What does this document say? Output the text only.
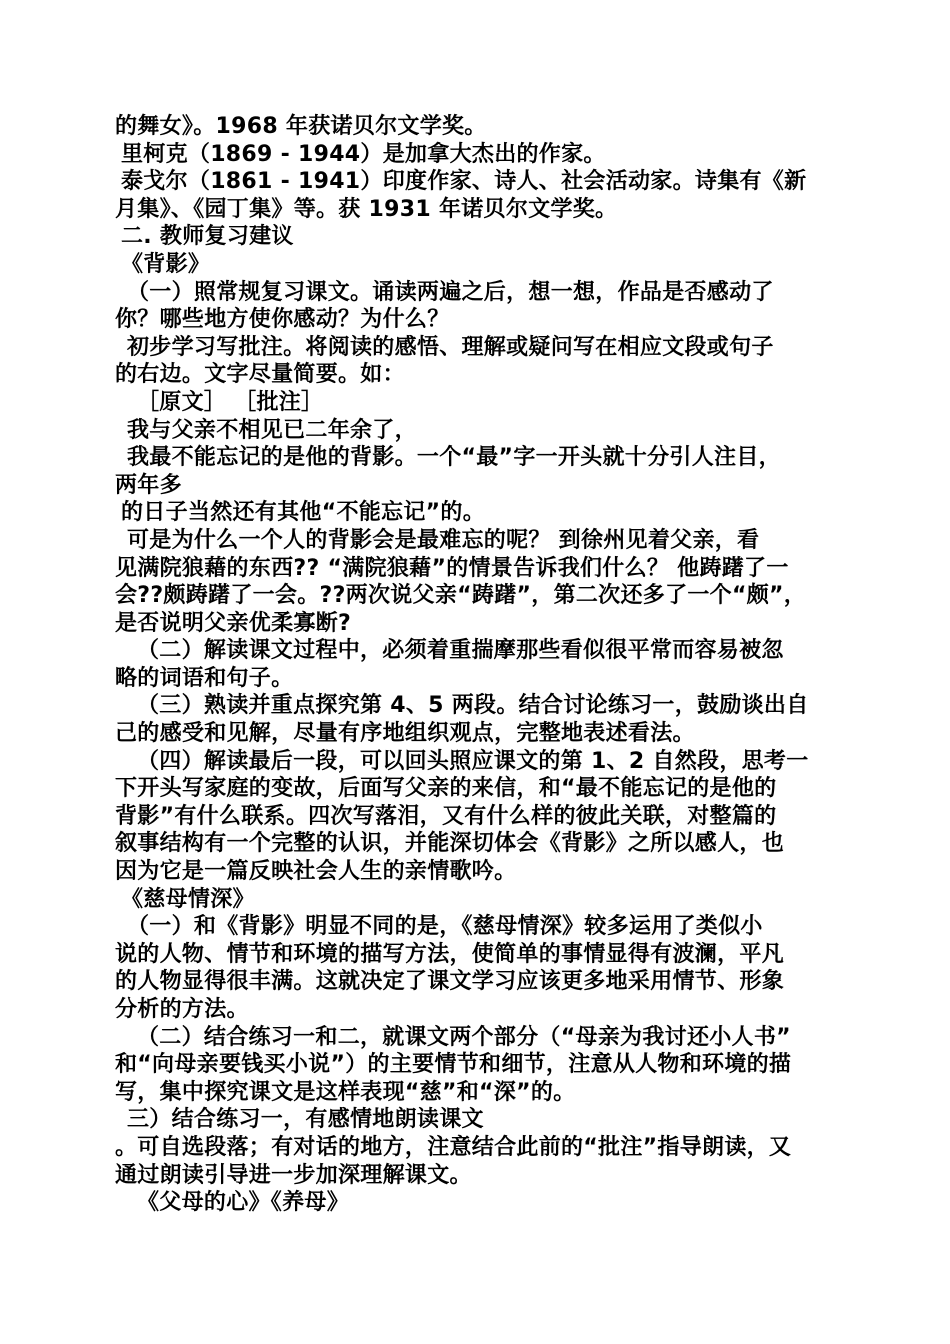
的舞女》。1968 年获诺贝尔文学奖。
里柯克（1869 - 1944）是加拿大杰出的作家。
泰戈尔（1861 - 1941）印度作家、诗人、社会活动家。诗集有《新
月集》、《园丁集》等。获 1931 年诺贝尔文学奖。
二. 教师复习建议
《背影》
（一）照常规复习课文。诵读两遍之后，想一想，作品是否感动了
你？哪些地方使你感动？为什么？
初步学习写批注。将阅读的感悟、理解或疑问写在相应文段或句子
的右边。文字尽量简要。如：
［原文］ ［批注］
我与父亲不相见已二年余了，
我最不能忘记的是他的背影。一个“最”字一开头就十分引人注目，
两年多
的日子当然还有其他“不能忘记”的。
可是为什么一个人的背影会是最难忘的呢？ 到徐州见着父亲，看
见满院狼藉的东西?? “满院狼藉”的情景告诉我们什么？ 他踌躇了一
会??颇踌躇了一会。??两次说父亲“踌躇”，第二次还多了一个“颇”，
是否说明父亲优柔寡断?
（二）解读课文过程中，必须着重揣摩那些看似很平常而容易被忽
略的词语和句子。
（三）熟读并重点探究第 4、5 两段。结合讨论练习一，鼓励谈出自
己的感受和见解，尽量有序地组织观点，完整地表述看法。
（四）解读最后一段，可以回头照应课文的第 1、2 自然段，思考一
下开头写家庭的变故，后面写父亲的来信，和“最不能忘记的是他的
背影”有什么联系。四次写落泪，又有什么样的彼此关联，对整篇的
叙事结构有一个完整的认识，并能深切体会《背影》之所以感人，也
因为它是一篇反映社会人生的亲情歌吟。
《慈母情深》
（一）和《背影》明显不同的是，《慈母情深》较多运用了类似小
说的人物、情节和环境的描写方法，使简单的事情显得有波澜，平凡
的人物显得很丰满。这就决定了课文学习应该更多地采用情节、形象
分析的方法。
（二）结合练习一和二，就课文两个部分（“母亲为我讨还小人书”
和“向母亲要钱买小说”）的主要情节和细节，注意从人物和环境的描
写，集中探究课文是这样表现“慈”和“深”的。
三）结合练习一，有感情地朗读课文
。可自选段落；有对话的地方，注意结合此前的“批注”指导朗读，又
通过朗读引导进一步加深理解课文。
《父母的心》《养母》
